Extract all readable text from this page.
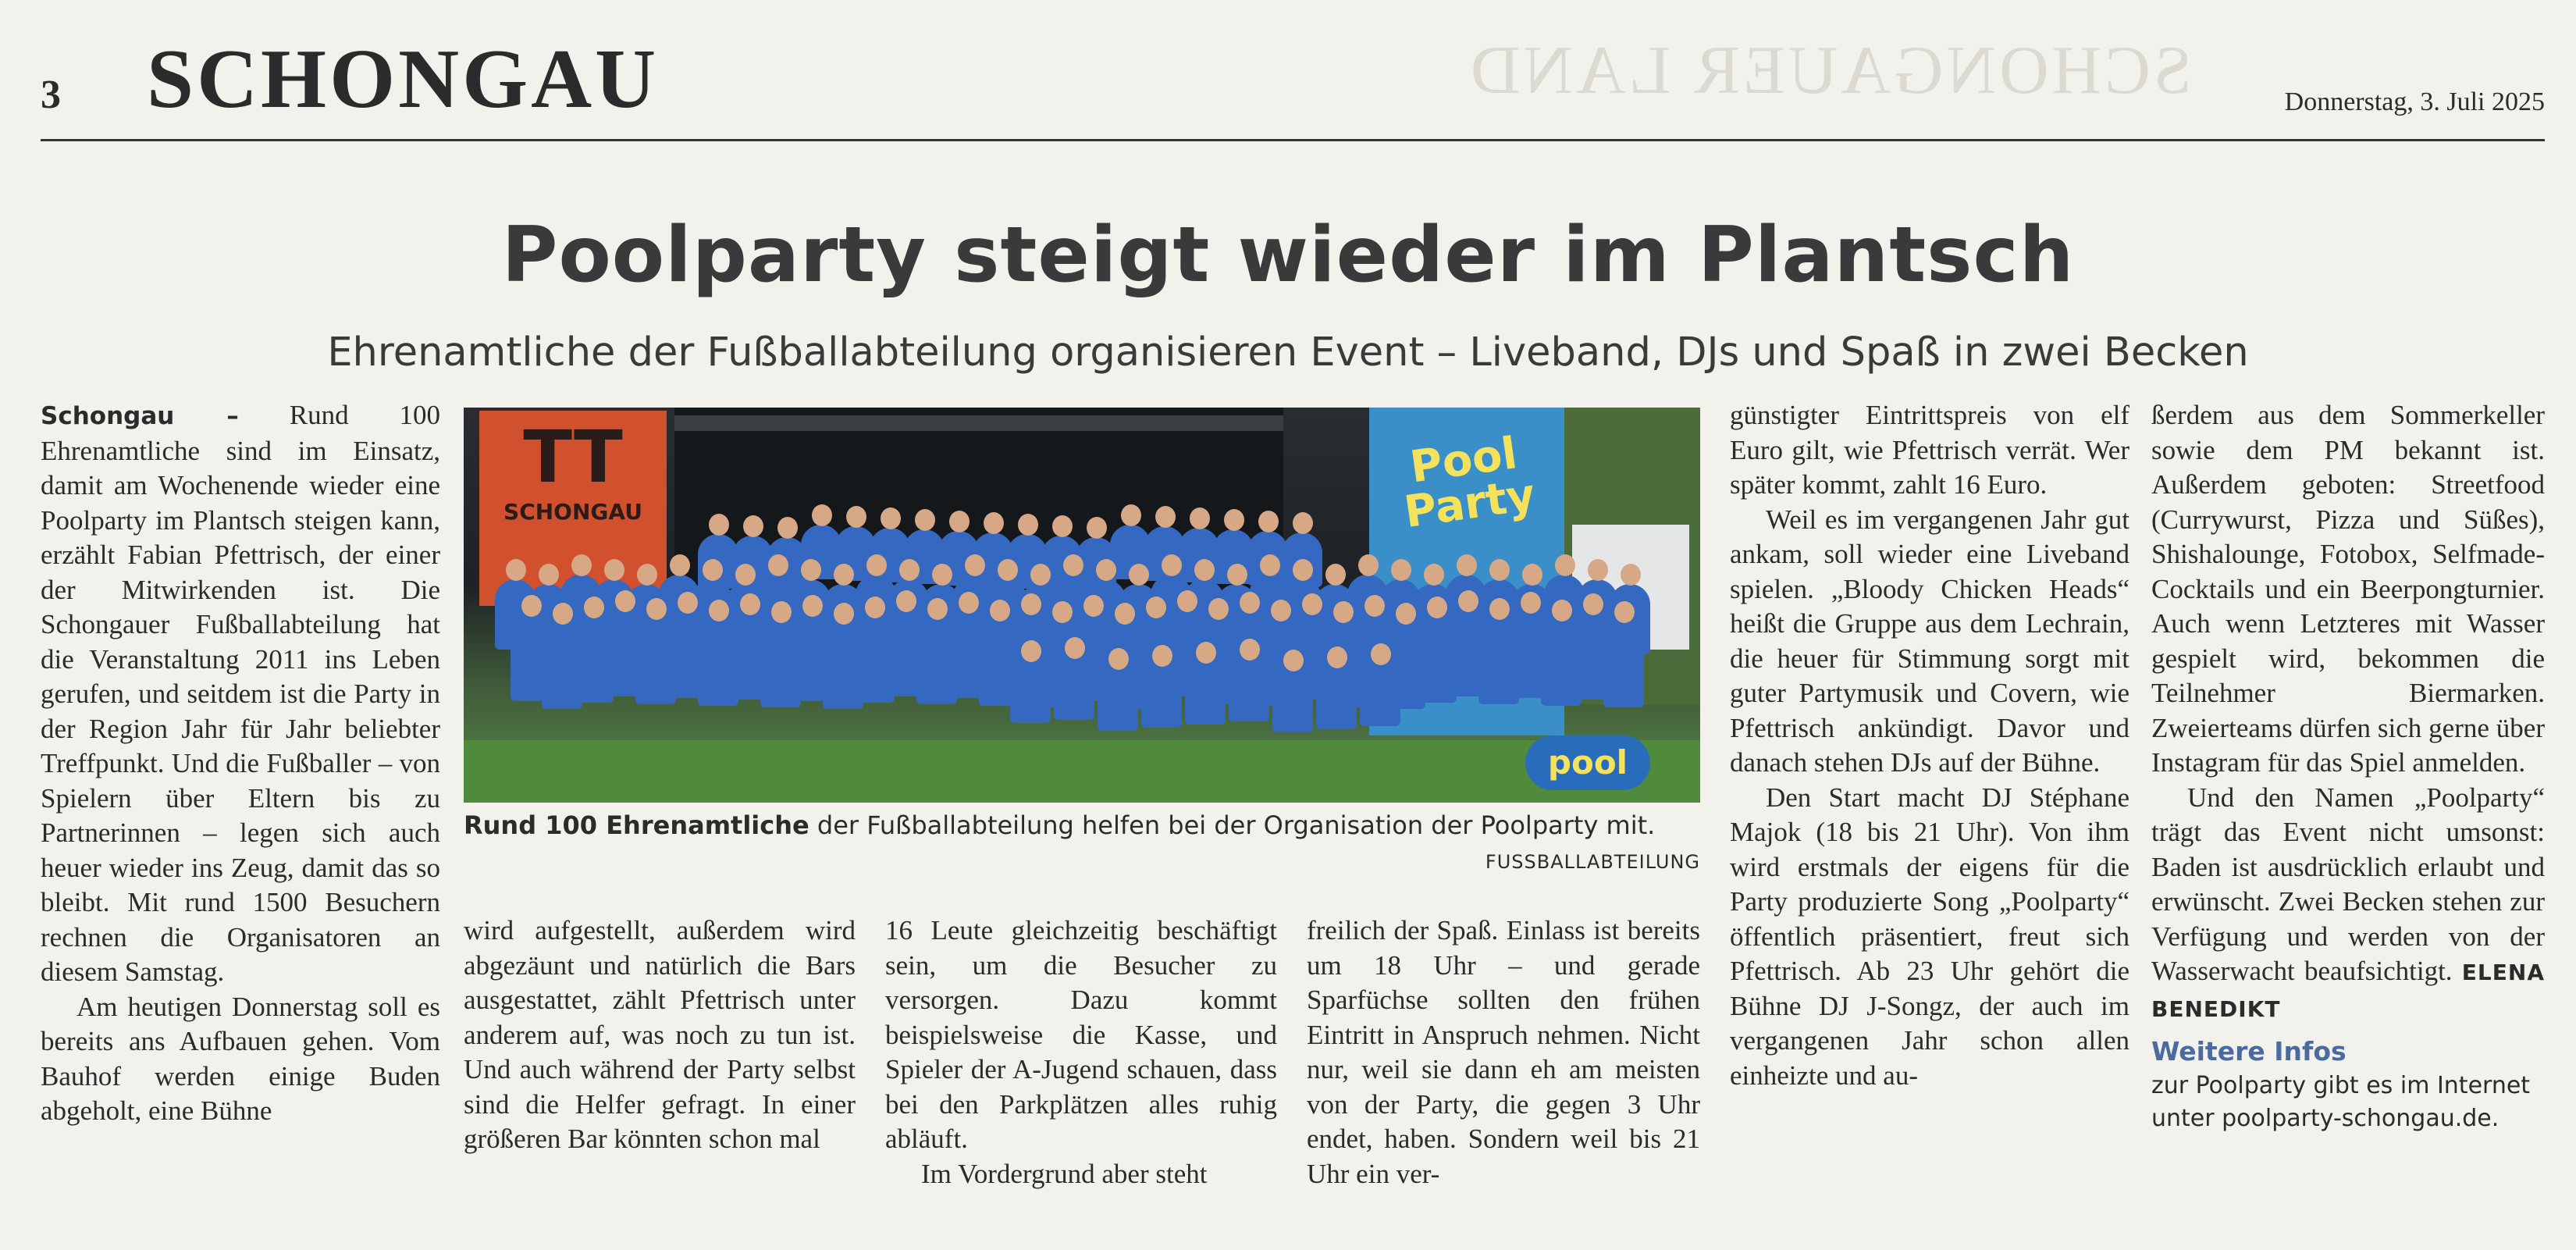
SCHONGAUER LAND
3 SCHONGAU	Donnerstag, 3. Juli 2025
Poolparty steigt wieder im Plantsch
Ehrenamtliche der Fußballabteilung organisieren Event – Liveband, DJs und Spaß in zwei Becken

Schongau – Rund 100 Ehrenamtliche sind im Einsatz, damit am Wochenende wieder eine Poolparty im Plantsch steigen kann, erzählt Fabian Pfettrisch, der einer der Mitwirkenden ist. Die Schongauer Fußballabteilung hat die Veranstaltung 2011 ins Leben gerufen, und seitdem ist die Party in der Region Jahr für Jahr beliebter Treffpunkt. Und die Fußballer – von Spielern über Eltern bis zu Partnerinnen – legen sich auch heuer wieder ins Zeug, damit das so bleibt. Mit rund 1500 Besuchern rechnen die Organisatoren an diesem Samstag.

Am heutigen Donnerstag soll es bereits ans Aufbauen gehen. Vom Bauhof werden einige Buden abgeholt, eine Bühne

TT
SCHONGAU
Pool Party
pool
Rund 100 Ehrenamtliche der Fußballabteilung helfen bei der Organisation der Poolparty mit.
FUSSBALLABTEILUNG

wird aufgestellt, außerdem wird abgezäunt und natürlich die Bars ausgestattet, zählt Pfettrisch unter anderem auf, was noch zu tun ist. Und auch während der Party selbst sind die Helfer gefragt. In einer größeren Bar könnten schon mal

16 Leute gleichzeitig beschäftigt sein, um die Besucher zu versorgen. Dazu kommt beispielsweise die Kasse, und Spieler der A-Jugend schauen, dass bei den Parkplätzen alles ruhig abläuft.

Im Vordergrund aber steht

freilich der Spaß. Einlass ist bereits um 18 Uhr – und gerade Sparfüchse sollten den frühen Eintritt in Anspruch nehmen. Nicht nur, weil sie dann eh am meisten von der Party, die gegen 3 Uhr endet, haben. Sondern weil bis 21 Uhr ein ver-

günstigter Eintrittspreis von elf Euro gilt, wie Pfettrisch verrät. Wer später kommt, zahlt 16 Euro.

Weil es im vergangenen Jahr gut ankam, soll wieder eine Liveband spielen. „Bloody Chicken Heads“ heißt die Gruppe aus dem Lechrain, die heuer für Stimmung sorgt mit guter Partymusik und Covern, wie Pfettrisch ankündigt. Davor und danach stehen DJs auf der Bühne.

Den Start macht DJ Stéphane Majok (18 bis 21 Uhr). Von ihm wird erstmals der eigens für die Party produzierte Song „Poolparty“ öffentlich präsentiert, freut sich Pfettrisch. Ab 23 Uhr gehört die Bühne DJ J-Songz, der auch im vergangenen Jahr schon allen einheizte und au-

ßerdem aus dem Sommerkeller sowie dem PM bekannt ist. Außerdem geboten: Streetfood (Currywurst, Pizza und Süßes), Shishalounge, Fotobox, Selfmade-Cocktails und ein Beerpongturnier. Auch wenn Letzteres mit Wasser gespielt wird, bekommen die Teilnehmer Biermarken. Zweierteams dürfen sich gerne über Instagram für das Spiel anmelden.

Und den Namen „Poolparty“ trägt das Event nicht umsonst: Baden ist ausdrücklich erlaubt und erwünscht. Zwei Becken stehen zur Verfügung und werden von der Wasserwacht beaufsichtigt. ELENA BENEDIKT

Weitere Infos
zur Poolparty gibt es im Internet unter poolparty-schongau.de.
